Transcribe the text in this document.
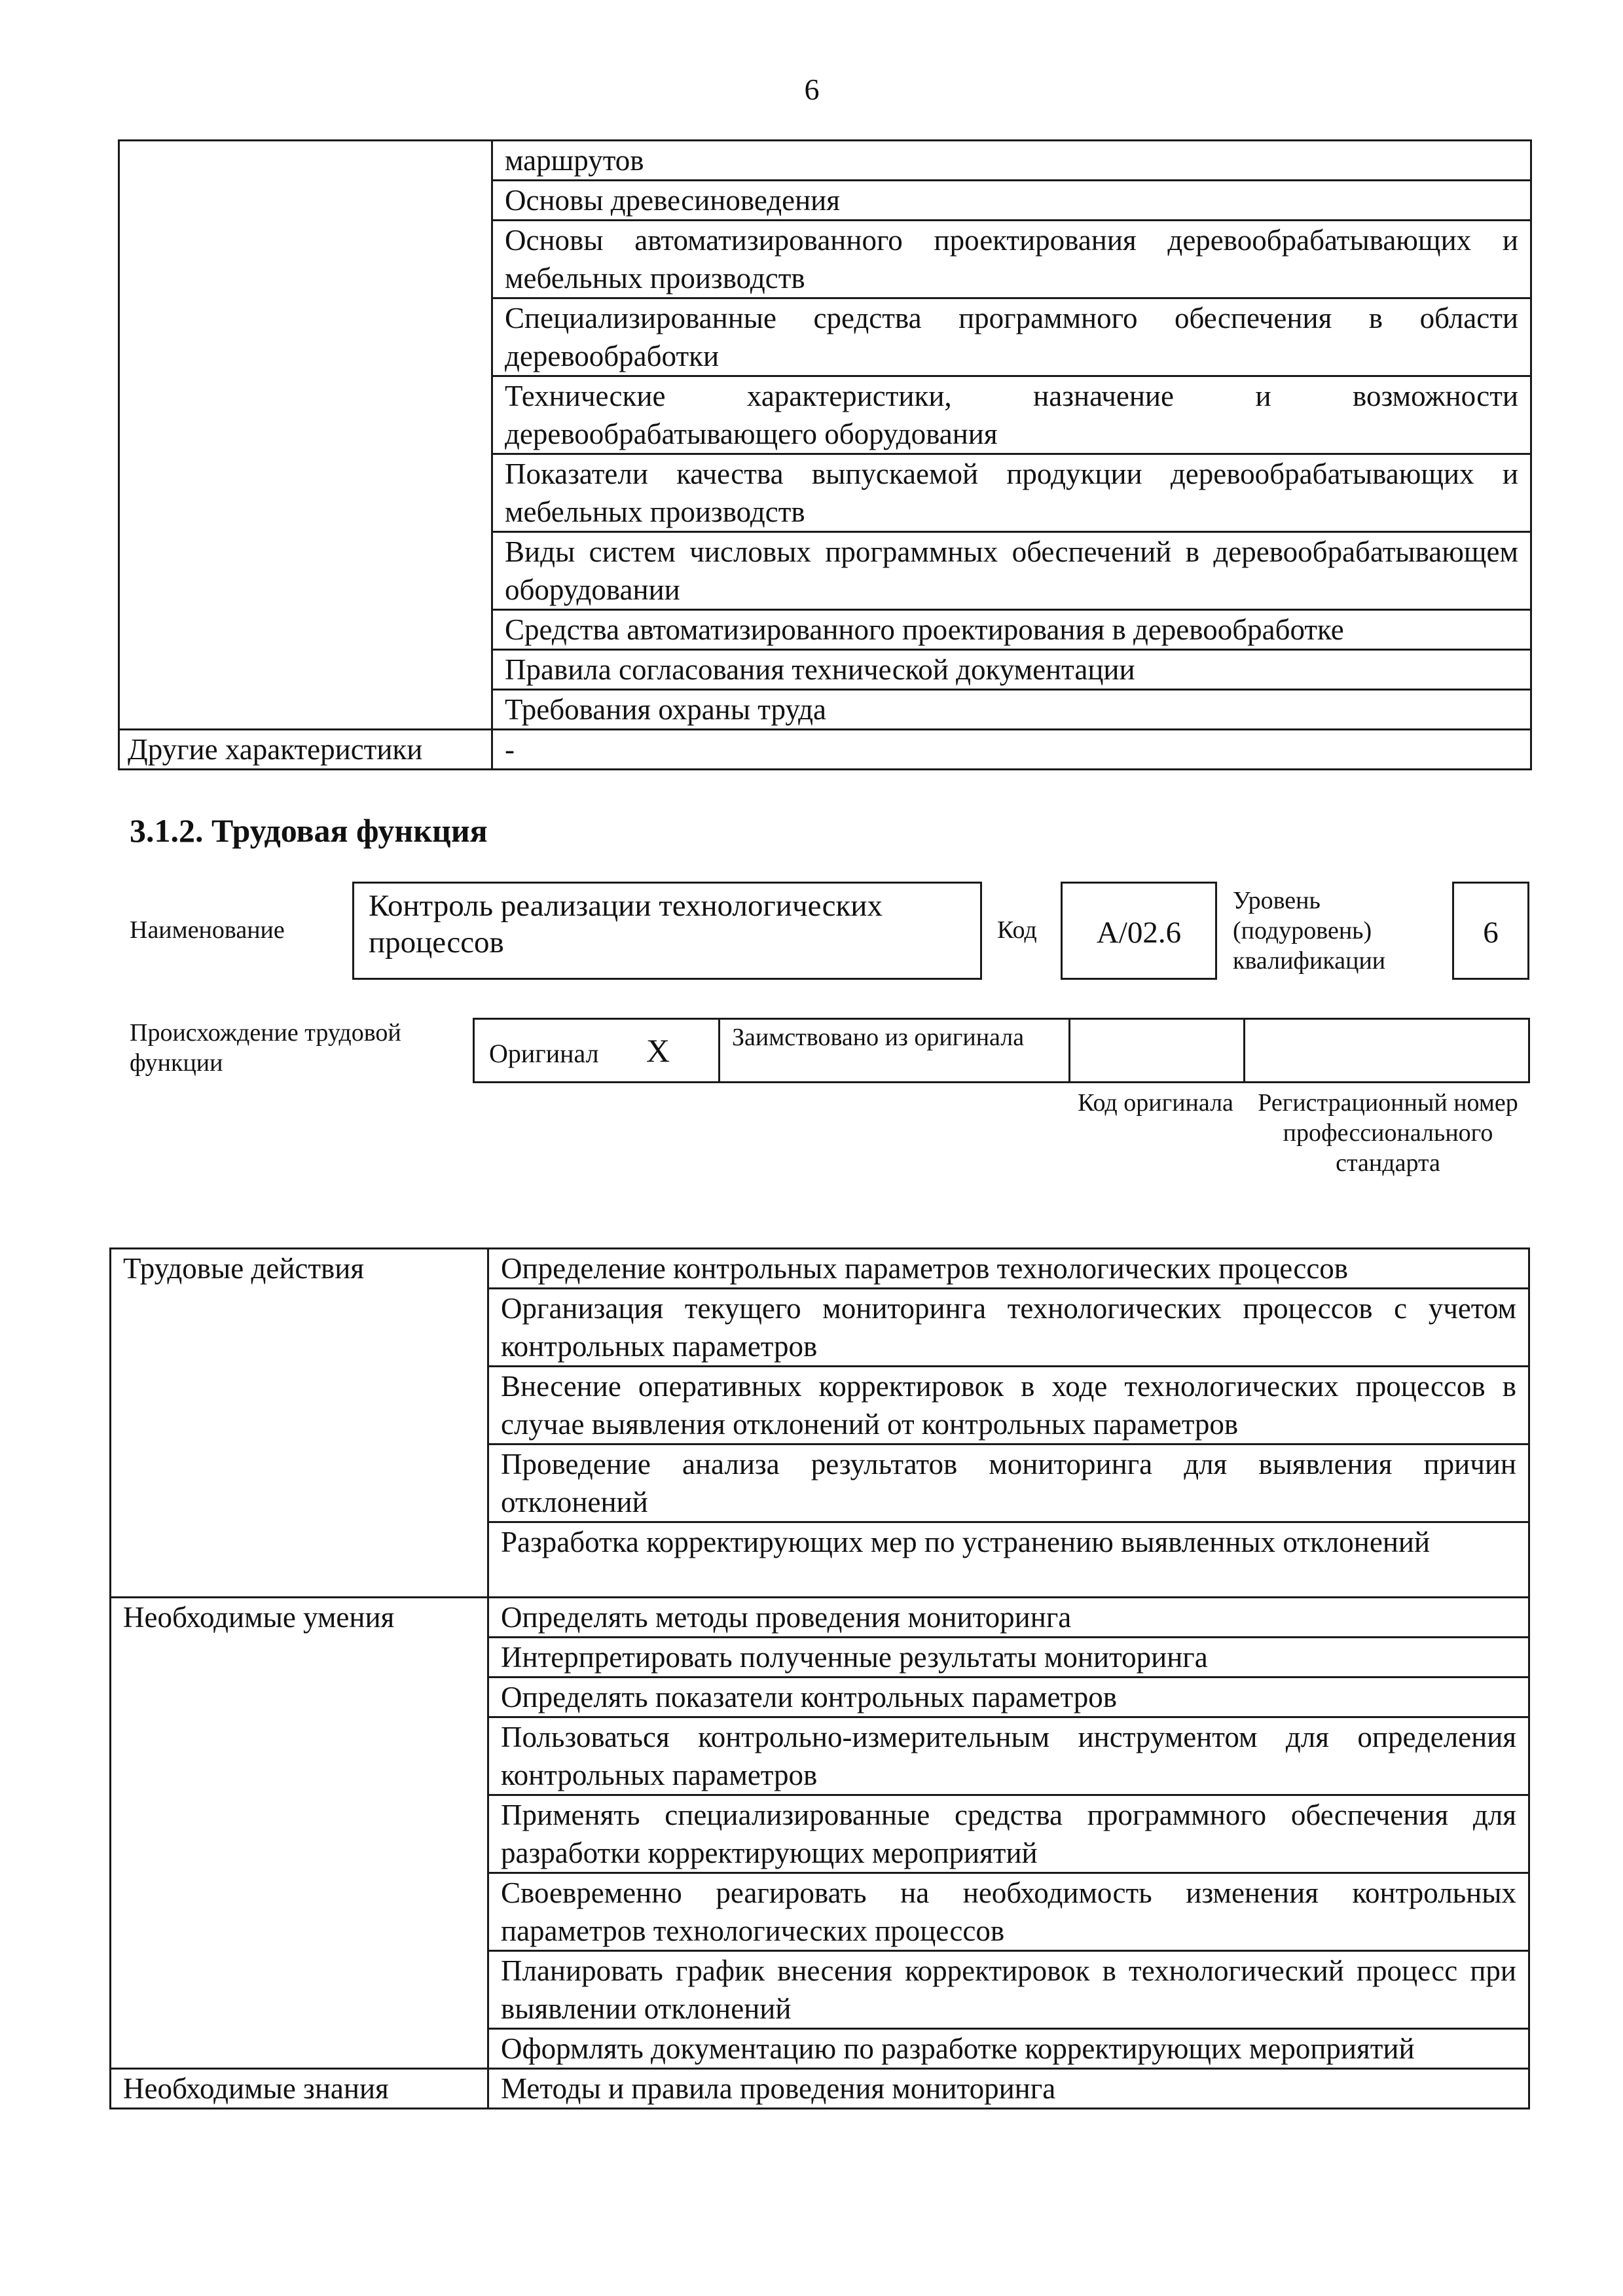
6
	маршрутов
	Основы древесиноведения
	Основы автоматизированного проектирования деревообрабатывающих и мебельных производств
	Специализированные средства программного обеспечения в области деревообработки
	Технические характеристики, назначение и возможности деревообрабатывающего оборудования
	Показатели качества выпускаемой продукции деревообрабатывающих и мебельных производств
	Виды систем числовых программных обеспечений в деревообрабатывающем оборудовании
	Средства автоматизированного проектирования в деревообработке
	Правила согласования технической документации
	Требования охраны труда
Другие характеристики	-
3.1.2. Трудовая функция
Наименование
Контроль реализации технологических процессов	Код	А/02.6
Уровень (подуровень) квалификации
6
Происхождение трудовой функции	Оригинал X	Заимствовано из оригинала
Код оригинала Регистрационный номер профессионального стандарта
Трудовые действия	Определение контрольных параметров технологических процессов
	Организация текущего мониторинга технологических процессов с учетом контрольных параметров
	Внесение оперативных корректировок в ходе технологических процессов в случае выявления отклонений от контрольных параметров
	Проведение анализа результатов мониторинга для выявления причин отклонений
	Разработка корректирующих мер по устранению выявленных отклонений
Необходимые умения	Определять методы проведения мониторинга
	Интерпретировать полученные результаты мониторинга
	Определять показатели контрольных параметров
	Пользоваться контрольно-измерительным инструментом для определения контрольных параметров
	Применять специализированные средства программного обеспечения для разработки корректирующих мероприятий
	Своевременно реагировать на необходимость изменения контрольных параметров технологических процессов
	Планировать график внесения корректировок в технологический процесс при выявлении отклонений
	Оформлять документацию по разработке корректирующих мероприятий
Необходимые знания	Методы и правила проведения мониторинга
